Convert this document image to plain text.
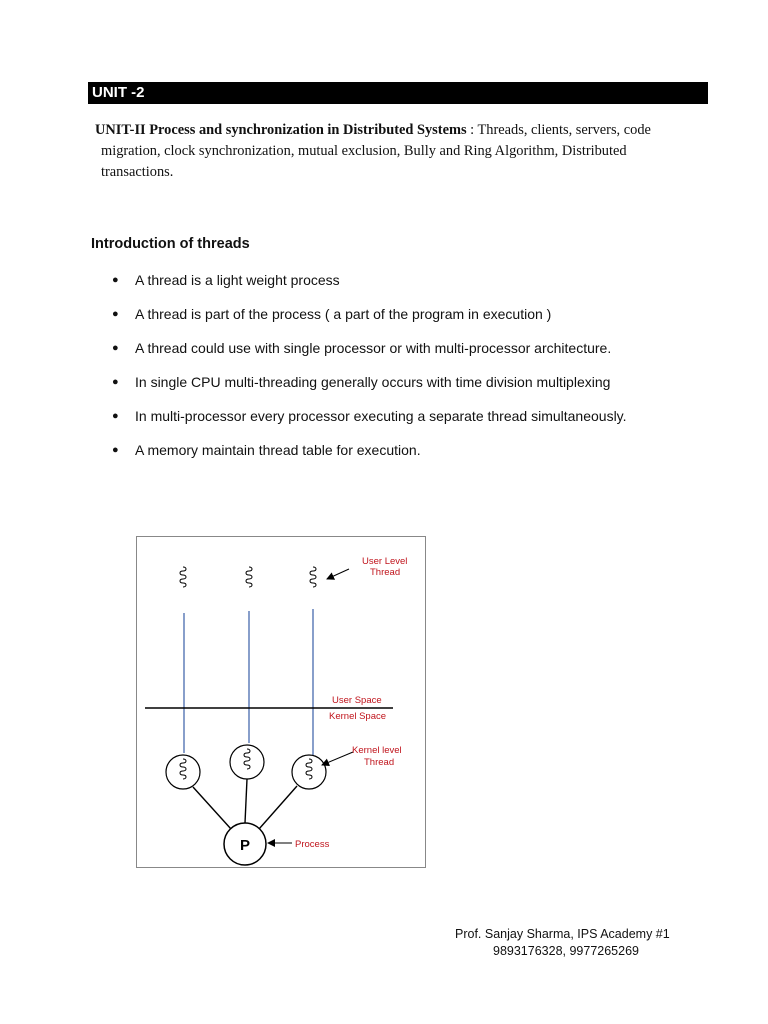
UNIT -2
UNIT-II Process and synchronization in Distributed Systems : Threads, clients, servers, code
migration, clock synchronization, mutual exclusion, Bully and Ring Algorithm, Distributed
transactions.
Introduction of threads
●	A thread is a light weight process
●	A thread is part of the process ( a part of the program in execution )
●	A thread could use with single processor or with multi-processor architecture.
●	In single CPU multi-threading generally occurs with time division multiplexing
●	In multi-processor every processor executing a separate thread simultaneously.
●	A memory maintain thread table for execution.
P
User Level
Thread
User Space
Kernel Space
Kernel level
Thread
Process
Prof. Sanjay Sharma, IPS Academy #1
9893176328, 9977265269
